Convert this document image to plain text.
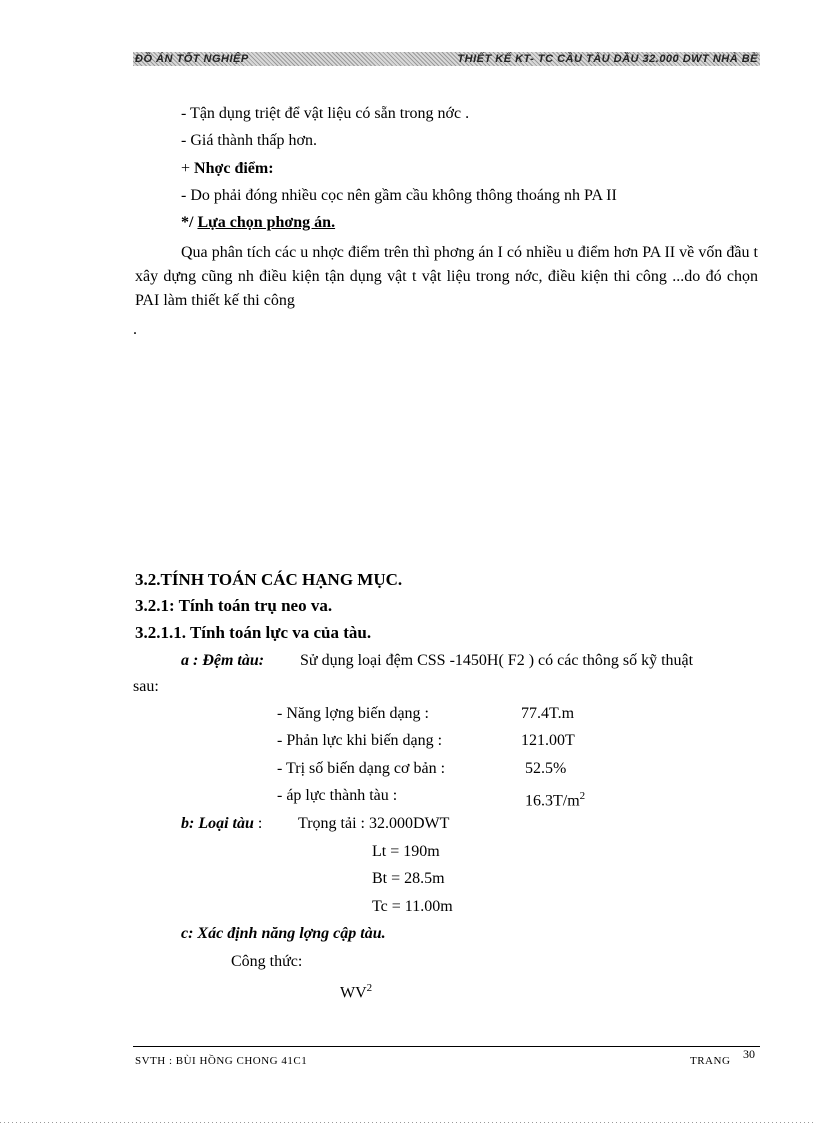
ĐỒ ÁN TỐT NGHIỆP	THIẾT KẾ KT- TC CẦU TÀU DẦU 32.000 DWT NHÀ BÈ
- Tận dụng triệt để vật liệu có sẵn trong nớc .
- Giá thành thấp hơn.
+ Nhợc điểm:
- Do phải đóng nhiều cọc nên gầm cầu không thông thoáng nh PA II
*/ Lựa chọn phơng án.
Qua phân tích các u nhợc điểm trên thì phơng án I có nhiều u điểm hơn PA II về vốn đầu t xây dựng cũng nh điều kiện tận dụng vật t vật liệu trong nớc, điều kiện thi công ...do đó chọn PAI làm thiết kế thi công
.
3.2.TÍNH TOÁN CÁC HẠNG MỤC.
3.2.1: Tính toán trụ neo va.
3.2.1.1. Tính toán lực va của tàu.
a : Đệm tàu: Sử dụng loại đệm CSS -1450H( F2 ) có các thông số kỹ thuật
sau:
- Năng lợng biến dạng :	77.4T.m
- Phản lực khi biến dạng :	121.00T
- Trị số biến dạng cơ bản :	52.5%
- áp lực thành tàu :	$16.3T/m^2$
b: Loại tàu : Trọng tải : 32.000DWT
Lt = 190m
Bt = 28.5m
Tc = 11.00m
c: Xác định năng lợng cập tàu.
Công thức:
$WV^2$
SVTH : BÙI HỒNG CHONG 41C1	TRANG 30
